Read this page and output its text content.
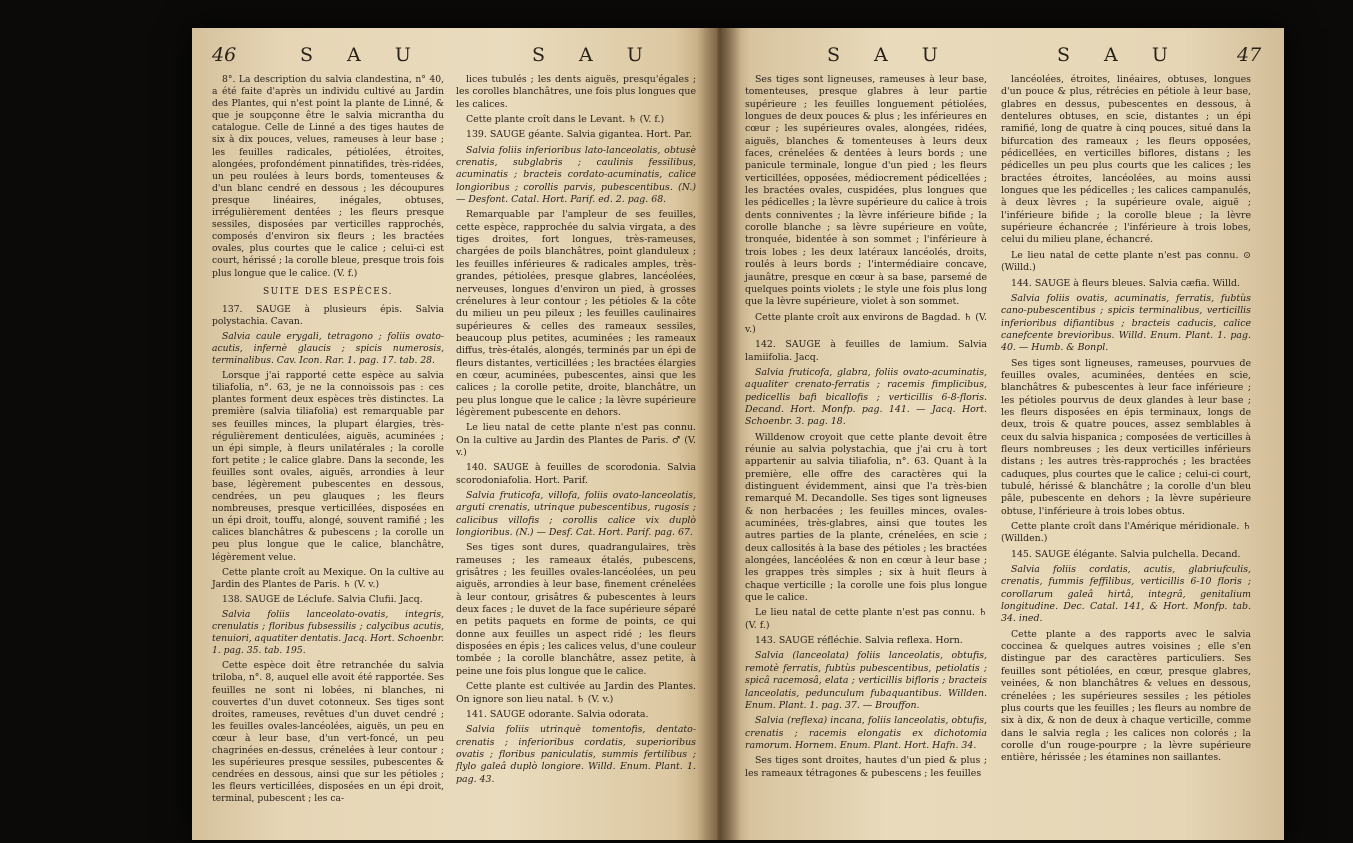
46	S A U	S A U

8°. La description du salvia clandestina, n° 40, a été faite d'après un individu cultivé au Jardin des Plantes, qui n'est point la plante de Linné, & que je soupçonne être le salvia micrantha du catalogue. Celle de Linné a des tiges hautes de six à dix pouces, velues, rameuses à leur base ; les feuilles radicales, pétiolées, étroites, alongées, profondément pinnatifides, très-ridées, un peu roulées à leurs bords, tomenteuses & d'un blanc cendré en dessous ; les découpures presque linéaires, inégales, obtuses, irrégulièrement dentées ; les fleurs presque sessiles, disposées par verticilles rapprochés, composés d'environ six fleurs ; les bractées ovales, plus courtes que le calice ; celui-ci est court, hérissé ; la corolle bleue, presque trois fois plus longue que le calice. (V. f.)

SUITE DES ESPÈCES.

137. SAUGE à plusieurs épis. Salvia polystachia. Cavan.

Salvia caule erygali, tetragono ; foliis ovato-acutis, infernè glaucis ; spicis numerosis, terminalibus. Cav. Icon. Rar. 1. pag. 17. tab. 28.

Lorsque j'ai rapporté cette espèce au salvia tiliafolia, n°. 63, je ne la connoissois pas : ces plantes forment deux espèces très distinctes. La première (salvia tiliafolia) est remarquable par ses feuilles minces, la plupart élargies, très-régulièrement denticulées, aiguës, acuminées ; un épi simple, à fleurs unilatérales ; la corolle fort petite ; le calice glabre. Dans la seconde, les feuilles sont ovales, aiguës, arrondies à leur base, légèrement pubescentes en dessous, cendrées, un peu glauques ; les fleurs nombreuses, presque verticillées, disposées en un épi droit, touffu, alongé, souvent ramifié ; les calices blanchâtres & pubescens ; la corolle un peu plus longue que le calice, blanchâtre, légèrement velue.

Cette plante croît au Mexique. On la cultive au Jardin des Plantes de Paris. ♄ (V. v.)

138. SAUGE de Léclufe. Salvia Clufii. Jacq.

Salvia foliis lanceolato-ovatis, integris, crenulatis ; floribus fubsessilis ; calycibus acutis, tenuiori, aquatiter dentatis. Jacq. Hort. Schoenbr. 1. pag. 35. tab. 195.

Cette espèce doit être retranchée du salvia triloba, n°. 8, auquel elle avoit été rapportée. Ses feuilles ne sont ni lobées, ni blanches, ni couvertes d'un duvet cotonneux. Ses tiges sont droites, rameuses, revêtues d'un duvet cendré ; les feuilles ovales-lancéolées, aiguës, un peu en cœur à leur base, d'un vert-foncé, un peu chagrinées en-dessus, crénelées à leur contour ; les supérieures presque sessiles, pubescentes & cendrées en dessous, ainsi que sur les pétioles ; les fleurs verticillées, disposées en un épi droit, terminal, pubescent ; les ca-

lices tubulés ; les dents aiguës, presqu'égales ; les corolles blanchâtres, une fois plus longues que les calices.

Cette plante croît dans le Levant. ♄ (V. f.)

139. SAUGE géante. Salvia gigantea. Hort. Par.

Salvia foliis inferioribus lato-lanceolatis, obtusè crenatis, subglabris ; caulinis fessilibus, acuminatis ; bracteis cordato-acuminatis, calice longioribus ; corollis parvis, pubescentibus. (N.) — Desfont. Catal. Hort. Parif. ed. 2. pag. 68.

Remarquable par l'ampleur de ses feuilles, cette espèce, rapprochée du salvia virgata, a des tiges droites, fort longues, très-rameuses, chargées de poils blanchâtres, point glanduleux ; les feuilles inférieures & radicales amples, très-grandes, pétiolées, presque glabres, lancéolées, nerveuses, longues d'environ un pied, à grosses crénelures à leur contour ; les pétioles & la côte du milieu un peu pileux ; les feuilles caulinaires supérieures & celles des rameaux sessiles, beaucoup plus petites, acuminées ; les rameaux diffus, très-étalés, alongés, terminés par un épi de fleurs distantes, verticillées ; les bractées élargies en cœur, acuminées, pubescentes, ainsi que les calices ; la corolle petite, droite, blanchâtre, un peu plus longue que le calice ; la lèvre supérieure légèrement pubescente en dehors.

Le lieu natal de cette plante n'est pas connu. On la cultive au Jardin des Plantes de Paris. ♂ (V. v.)

140. SAUGE à feuilles de scorodonia. Salvia scorodoniafolia. Hort. Parif.

Salvia fruticofa, villofa, foliis ovato-lanceolatis, arguti crenatis, utrinque pubescentibus, rugosis ; calicibus villofis ; corollis calice vix duplò longioribus. (N.) — Desf. Cat. Hort. Parif. pag. 67.

Ses tiges sont dures, quadrangulaires, très rameuses ; les rameaux étalés, pubescens, grisâtres ; les feuilles ovales-lancéolées, un peu aiguës, arrondies à leur base, finement crénelées à leur contour, grisâtres & pubescentes à leurs deux faces ; le duvet de la face supérieure séparé en petits paquets en forme de points, ce qui donne aux feuilles un aspect ridé ; les fleurs disposées en épis ; les calices velus, d'une couleur tombée ; la corolle blanchâtre, assez petite, à peine une fois plus longue que le calice.

Cette plante est cultivée au Jardin des Plantes. On ignore son lieu natal. ♄ (V. v.)

141. SAUGE odorante. Salvia odorata.

Salvia foliis utrinquè tomentofis, dentato-crenatis ; inferioribus cordatis, superioribus ovatis ; floribus paniculatis, summis fertilibus ; flylo galeâ duplò longiore. Willd. Enum. Plant. 1. pag. 43.

S A U	S A U	47

Ses tiges sont ligneuses, rameuses à leur base, tomenteuses, presque glabres à leur partie supérieure ; les feuilles longuement pétiolées, longues de deux pouces & plus ; les inférieures en cœur ; les supérieures ovales, alongées, ridées, aiguës, blanches & tomenteuses à leurs deux faces, crénelées & dentées à leurs bords ; une panicule terminale, longue d'un pied ; les fleurs verticillées, opposées, médiocrement pédicellées ; les bractées ovales, cuspidées, plus longues que les pédicelles ; la lèvre supérieure du calice à trois dents conniventes ; la lèvre inférieure bifide ; la corolle blanche ; sa lèvre supérieure en voûte, tronquée, bidentée à son sommet ; l'inférieure à trois lobes ; les deux latéraux lancéolés, droits, roulés à leurs bords ; l'intermédiaire concave, jaunâtre, presque en cœur à sa base, parsemé de quelques points violets ; le style une fois plus long que la lèvre supérieure, violet à son sommet.

Cette plante croît aux environs de Bagdad. ♄ (V. v.)

142. SAUGE à feuilles de lamium. Salvia lamiifolia. Jacq.

Salvia fruticofa, glabra, foliis ovato-acuminatis, aqualiter crenato-ferratis ; racemis fimplicibus, pedicellis bafi bicallofis ; verticillis 6-8-floris. Decand. Hort. Monfp. pag. 141. — Jacq. Hort. Schoenbr. 3. pag. 18.

Willdenow croyoit que cette plante devoit être réunie au salvia polystachia, que j'ai cru à tort appartenir au salvia tiliafolia, n°. 63. Quant à la première, elle offre des caractères qui la distinguent évidemment, ainsi que l'a très-bien remarqué M. Decandolle. Ses tiges sont ligneuses & non herbacées ; les feuilles minces, ovales-acuminées, très-glabres, ainsi que toutes les autres parties de la plante, crénelées, en scie ; deux callosités à la base des pétioles ; les bractées alongées, lancéolées & non en cœur à leur base ; les grappes très simples ; six à huit fleurs à chaque verticille ; la corolle une fois plus longue que le calice.

Le lieu natal de cette plante n'est pas connu. ♄ (V. f.)

143. SAUGE réfléchie. Salvia reflexa. Horn.

Salvia (lanceolata) foliis lanceolatis, obtufis, remotè ferratis, fubtùs pubescentibus, petiolatis ; spicâ racemosâ, elata ; verticillis bifloris ; bracteis lanceolatis, pedunculum fubaquantibus. Willden. Enum. Plant. 1. pag. 37. — Brouffon.

Salvia (reflexa) incana, foliis lanceolatis, obtufis, crenatis ; racemis elongatis ex dichotomia ramorum. Hornem. Enum. Plant. Hort. Hafn. 34.

Ses tiges sont droites, hautes d'un pied & plus ; les rameaux tétragones & pubescens ; les feuilles

lancéolées, étroites, linéaires, obtuses, longues d'un pouce & plus, rétrécies en pétiole à leur base, glabres en dessus, pubescentes en dessous, à dentelures obtuses, en scie, distantes ; un épi ramifié, long de quatre à cinq pouces, situé dans la bifurcation des rameaux ; les fleurs opposées, pédicellées, en verticilles biflores, distans ; les pédicelles un peu plus courts que les calices ; les bractées étroites, lancéolées, au moins aussi longues que les pédicelles ; les calices campanulés, à deux lèvres ; la supérieure ovale, aiguë ; l'inférieure bifide ; la corolle bleue ; la lèvre supérieure échancrée ; l'inférieure à trois lobes, celui du milieu plane, échancré.

Le lieu natal de cette plante n'est pas connu. ⊙ (Willd.)

144. SAUGE à fleurs bleues. Salvia cæfia. Willd.

Salvia foliis ovatis, acuminatis, ferratis, fubtùs cano-pubescentibus ; spicis terminalibus, verticillis inferioribus difiantibus ; bracteis caducis, calice canefcente breviorìbus. Willd. Enum. Plant. 1. pag. 40. — Humb. & Bonpl.

Ses tiges sont ligneuses, rameuses, pourvues de feuilles ovales, acuminées, dentées en scie, blanchâtres & pubescentes à leur face inférieure ; les pétioles pourvus de deux glandes à leur base ; les fleurs disposées en épis terminaux, longs de deux, trois & quatre pouces, assez semblables à ceux du salvia hispanica ; composées de verticilles à fleurs nombreuses ; les deux verticilles inférieurs distans ; les autres très-rapprochés ; les bractées caduques, plus courtes que le calice ; celui-ci court, tubulé, hérissé & blanchâtre ; la corolle d'un bleu pâle, pubescente en dehors ; la lèvre supérieure obtuse, l'inférieure à trois lobes obtus.

Cette plante croît dans l'Amérique méridionale. ♄ (Willden.)

145. SAUGE élégante. Salvia pulchella. Decand.

Salvia foliis cordatis, acutis, glabriufculis, crenatis, fummis feffilibus, verticillis 6-10 floris ; corollarum galeâ hirtâ, integrâ, genitalium longitudine. Dec. Catal. 141, & Hort. Monfp. tab. 34. ined.

Cette plante a des rapports avec le salvia coccinea & quelques autres voisines ; elle s'en distingue par des caractères particuliers. Ses feuilles sont pétiolées, en cœur, presque glabres, veinées, & non blanchâtres & velues en dessous, crénelées ; les supérieures sessiles ; les pétioles plus courts que les feuilles ; les fleurs au nombre de six à dix, & non de deux à chaque verticille, comme dans le salvia regla ; les calices non colorés ; la corolle d'un rouge-pourpre ; la lèvre supérieure entière, hérissée ; les étamines non saillantes.
